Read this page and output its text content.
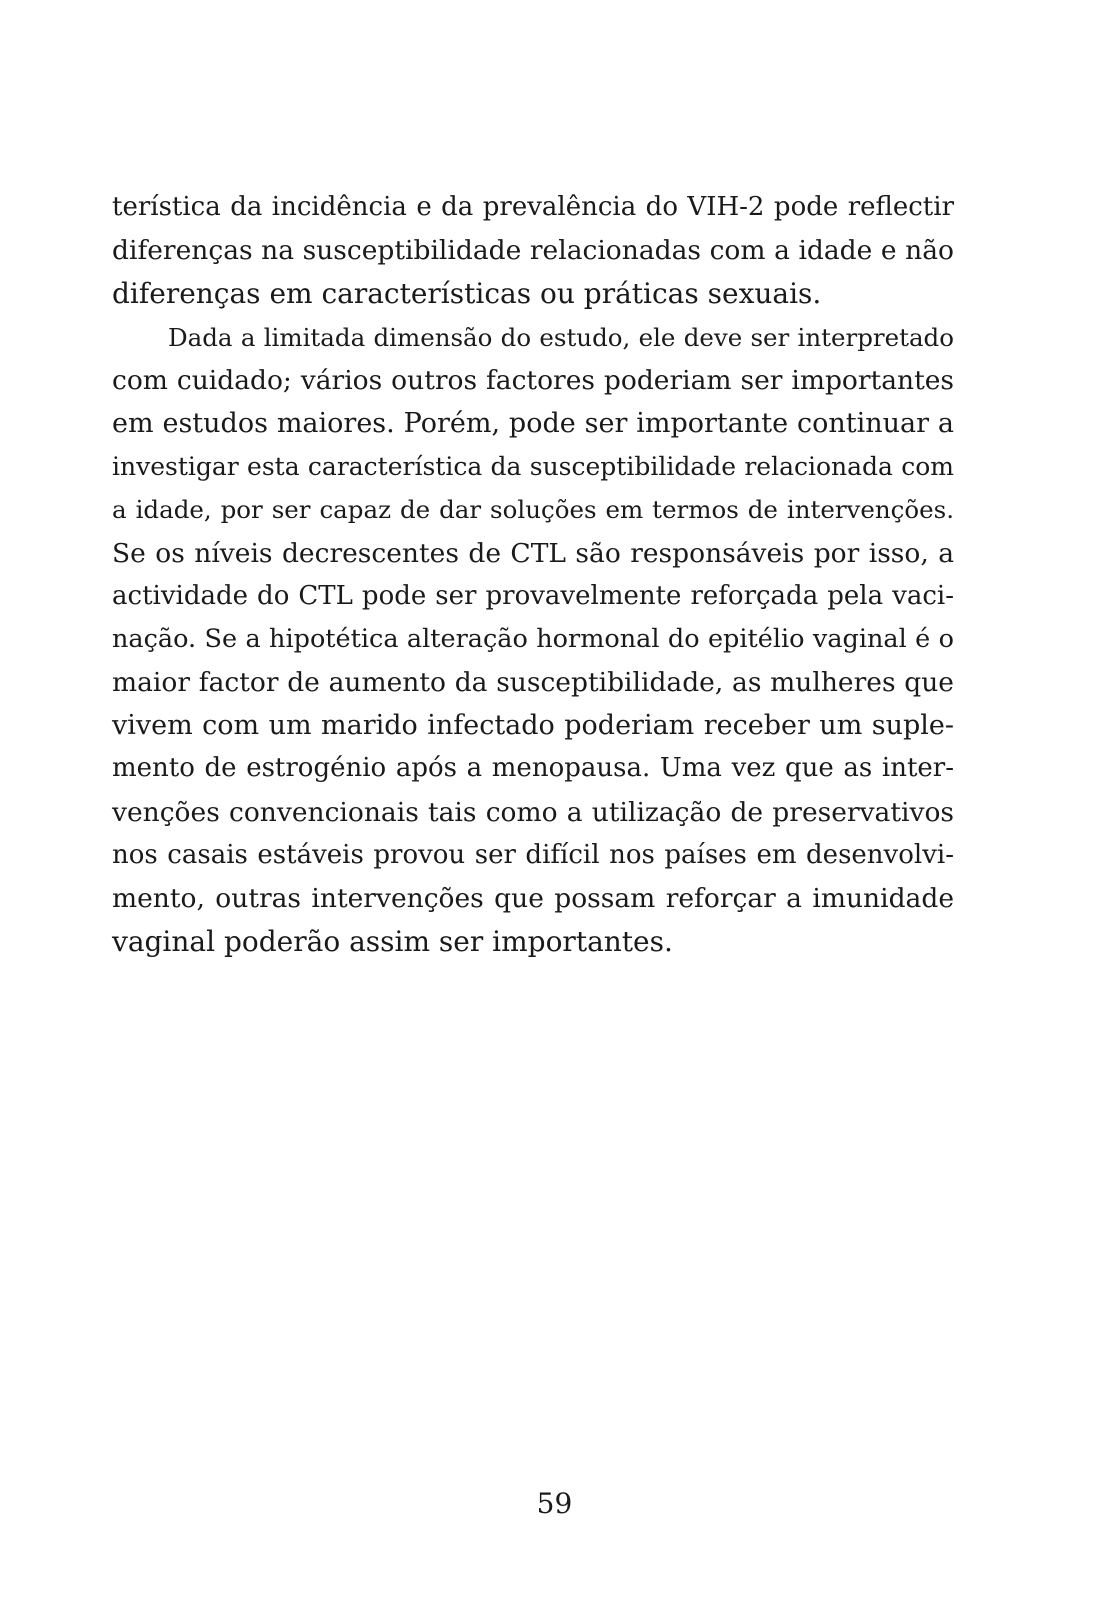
terística da incidência e da prevalência do VIH-2 pode reflectir
diferenças na susceptibilidade relacionadas com a idade e não
diferenças em características ou práticas sexuais.
Dada a limitada dimensão do estudo, ele deve ser interpretado
com cuidado; vários outros factores poderiam ser importantes
em estudos maiores. Porém, pode ser importante continuar a
investigar esta característica da susceptibilidade relacionada com
a idade, por ser capaz de dar soluções em termos de intervenções.
Se os níveis decrescentes de CTL são responsáveis por isso, a
actividade do CTL pode ser provavelmente reforçada pela vaci-
nação. Se a hipotética alteração hormonal do epitélio vaginal é o
maior factor de aumento da susceptibilidade, as mulheres que
vivem com um marido infectado poderiam receber um suple-
mento de estrogénio após a menopausa. Uma vez que as inter-
venções convencionais tais como a utilização de preservativos
nos casais estáveis provou ser difícil nos países em desenvolvi-
mento, outras intervenções que possam reforçar a imunidade
vaginal poderão assim ser importantes.
59
